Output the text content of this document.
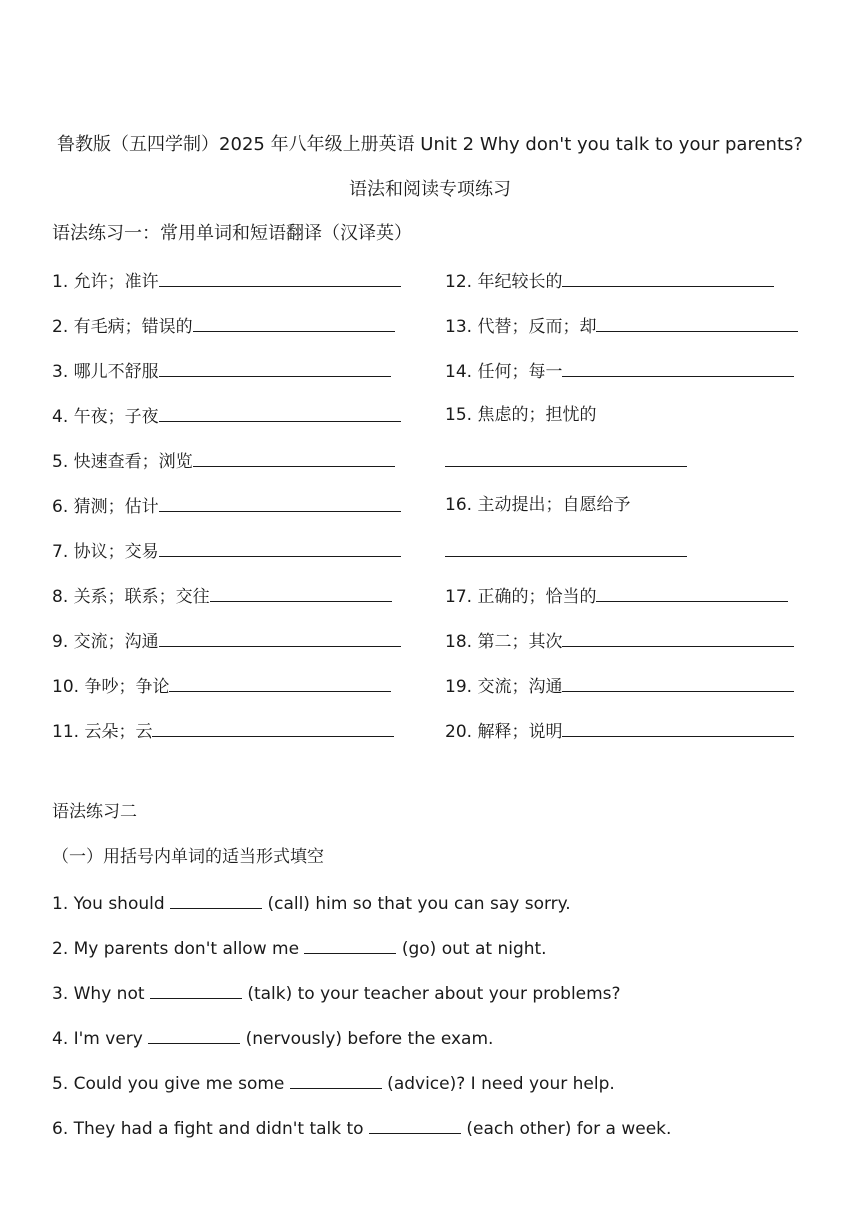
鲁教版（五四学制）2025 年八年级上册英语 Unit 2 Why don't you talk to your parents?
语法和阅读专项练习
语法练习一：常用单词和短语翻译（汉译英）
1. 允许；准许
2. 有毛病；错误的
3. 哪儿不舒服
4. 午夜；子夜
5. 快速查看；浏览
6. 猜测；估计
7. 协议；交易
8. 关系；联系；交往
9. 交流；沟通
10. 争吵；争论
11. 云朵；云
12. 年纪较长的
13. 代替；反而；却
14. 任何；每一
15. 焦虑的；担忧的
16. 主动提出；自愿给予
17. 正确的；恰当的
18. 第二；其次
19. 交流；沟通
20. 解释；说明
语法练习二
（一）用括号内单词的适当形式填空
1. You should	(call) him so that you can say sorry.
2. My parents don't allow me	(go) out at night.
3. Why not	(talk) to your teacher about your problems?
4. I'm very	(nervously) before the exam.
5. Could you give me some	(advice)? I need your help.
6. They had a fight and didn't talk to	(each other) for a week.
